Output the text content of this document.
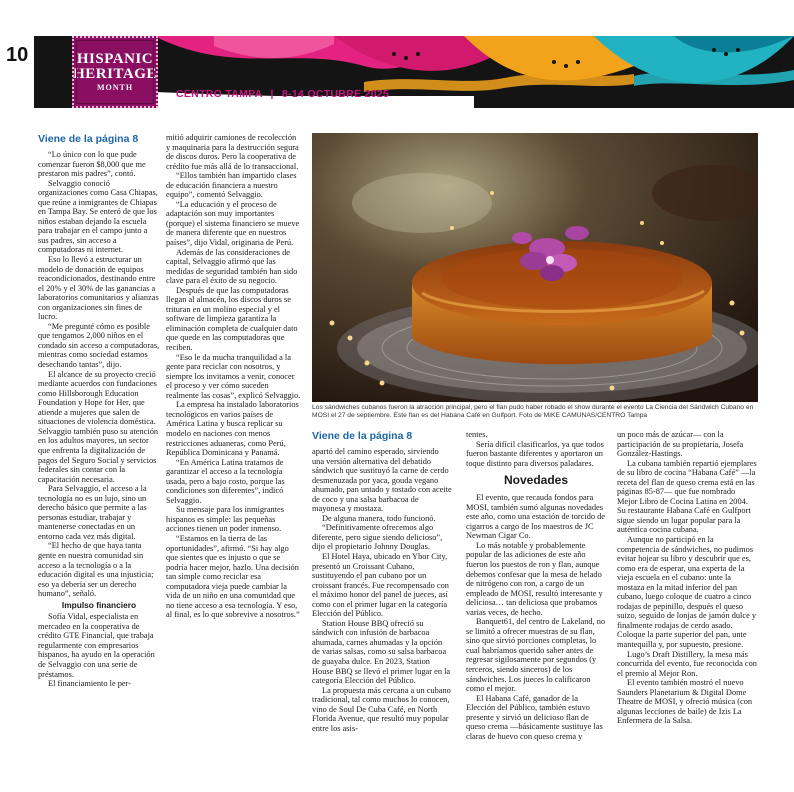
10	HISPANIC
HERITAGE
MONTH
CENTRO TAMPA | 8-14 OCTUBRE 2025
Viene de la página 8

“Lo único con lo que pude comenzar fueron $8,000 que me prestaron mis padres”, contó.

Selvaggio conoció organizaciones como Casa Chiapas, que reúne a inmigrantes de Chiapas en Tampa Bay. Se enteró de que los niños estaban dejando la escuela para trabajar en el campo junto a sus padres, sin acceso a computadoras ni internet.

Eso lo llevó a estructurar un modelo de donación de equipos reacondicionados, destinando entre el 20% y el 30% de las ganancias a laboratorios comunitarios y alianzas con organizaciones sin fines de lucro.

“Me pregunté cómo es posible que tengamos 2,000 niños en el condado sin acceso a computadoras, mientras como sociedad estamos desechando tantas”, dijo.

El alcance de su proyecto creció mediante acuerdos con fundaciones como Hillsborough Education Foundation y Hope for Her, que atiende a mujeres que salen de situaciones de violencia doméstica. Selvaggio también puso su atención en los adultos mayores, un sector que enfrenta la digitalización de pagos del Seguro Social y servicios federales sin contar con la capacitación necesaria.

Para Selvaggio, el acceso a la tecnología no es un lujo, sino un derecho básico que permite a las personas estudiar, trabajar y mantenerse conectadas en un entorno cada vez más digital.

“El hecho de que haya tanta gente en nuestra comunidad sin acceso a la tecnología o a la educación digital es una injusticia; eso ya debería ser un derecho humano”, señaló.

Impulso financiero

Sofía Vidal, especialista en mercadeo en la cooperativa de crédito GTE Financial, que trabaja regularmente con empresarios hispanos, ha ayudo en la operación de Selvaggio con una serie de préstamos.

El financiamiento le per-

mitió adquirir camiones de recolección y maquinaria para la destrucción segura de discos duros. Pero la cooperativa de crédito fue más allá de lo transaccional.

“Ellos también han impartido clases de educación financiera a nuestro equipo”, comentó Selvaggio.

“La educación y el proceso de adaptación son muy importantes (porque) el sistema financiero se mueve de manera diferente que en nuestros países”, dijo Vidal, originaria de Perú.

Además de las consideraciones de capital, Selvaggio afirmó que las medidas de seguridad también han sido clave para el éxito de su negocio.

Después de que las computadoras llegan al almacén, los discos duros se trituran en un molino especial y el software de limpieza garantiza la eliminación completa de cualquier dato que quede en las computadoras que reciben.

“Eso le da mucha tranquilidad a la gente para reciclar con nosotros, y siempre los invitamos a venir, conocer el proceso y ver cómo suceden realmente las cosas”, explicó Selvaggio.

La empresa ha instalado laboratorios tecnológicos en varios países de América Latina y busca replicar su modelo en naciones con menos restricciones aduaneras, como Perú, República Dominicana y Panamá.

“En América Latina tratamos de garantizar el acceso a la tecnología usada, pero a bajo costo, porque las condiciones son diferentes”, indicó Selvaggio.

Su mensaje para los inmigrantes hispanos es simple: las pequeñas acciones tienen un poder inmenso.

“Estamos en la tierra de las oportunidades”, afirmó. “Si hay algo que sientes que es injusto o que se podría hacer mejor, hazlo. Una decisión tan simple como reciclar esa computadora vieja puede cambiar la vida de un niño en una comunidad que no tiene acceso a esa tecnología. Y eso, al final, es lo que sobrevive a nosotros.”

Los sándwiches cubanos fueron la atracción principal, pero el flan pudo haber robado el show durante el evento La Ciencia del Sándwich Cubano en MOSI el 27 de septiembre. Este flan es del Habana Café en Gulfport. Foto de MIKE CAMUNAS/CENTRO Tampa
Viene de la página 8

apartó del camino esperado, sirviendo una versión alternativa del debatido sándwich que sustituyó la carne de cerdo desmenuzada por yaca, gouda vegano ahumado, pan untado y tostado con aceite de coco y una salsa barbacoa de mayonesa y mostaza.

De alguna manera, todo funcionó.

“Definitivamente ofrecemos algo diferente, pero sigue siendo delicioso”, dijo el propietario Johnny Douglas.

El Hotel Haya, ubicado en Ybor City, presentó un Croissant Cubano, sustituyendo el pan cubano por un croissant francés. Fue recompensado con el máximo honor del panel de jueces, así como con el primer lugar en la categoría Elección del Público.

Station House BBQ ofreció su sándwich con infusión de barbacoa ahumada, carnes ahumadas y la opción de varias salsas, como su salsa barbacoa de guayaba dulce. En 2023, Station House BBQ se llevó el primer lugar en la categoría Elección del Público.

La propuesta más cercana a un cubano tradicional, tal como muchos lo conocen, vino de Soul De Cuba Café, en North Florida Avenue, que resultó muy popular entre los asis-

tentes.

Sería difícil clasificarlos, ya que todos fueron bastante diferentes y aportaron un toque distinto para diversos paladares.

Novedades

El evento, que recauda fondos para MOSI, también sumó algunas novedades este año, como una estación de torcido de cigarros a cargo de los maestros de JC Newman Cigar Co.

Lo más notable y probablemente popular de las adiciones de este año fueron los puestos de ron y flan, aunque debemos confesar que la mesa de helado de nitrógeno con ron, a cargo de un empleado de MOSI, resultó interesante y deliciosa… tan deliciosa que probamos varias veces, de hecho.

Banquet61, del centro de Lakeland, no se limitó a ofrecer muestras de su flan, sino que sirvió porciones completas, lo cual habríamos querido saber antes de regresar sigilosamente por segundos (y terceros, siendo sinceros) de los sándwiches. Los jueces lo calificaron como el mejor.

El Habana Café, ganador de la Elección del Público, también estuvo presente y sirvió un delicioso flan de queso crema —básicamente sustituye las claras de huevo con queso crema y

un poco más de azúcar— con la participación de su propietaria, Josefa González-Hastings.

La cubana también repartió ejemplares de su libro de cocina “Habana Café” —la receta del flan de queso crema está en las páginas 85-87— que fue nombrado Mejor Libro de Cocina Latina en 2004. Su restaurante Habana Café en Gulfport sigue siendo un lugar popular para la auténtica cocina cubana.

Aunque no participó en la competencia de sándwiches, no pudimos evitar hojear su libro y descubrir que es, como era de esperar, una experta de la vieja escuela en el cubano: unte la mostaza en la mitad inferior del pan cubano, luego coloque de cuatro a cinco rodajas de pepinillo, después el queso suizo, seguido de lonjas de jamón dulce y finalmente rodajas de cerdo asado. Coloque la parte superior del pan, unte mantequilla y, por supuesto, presione.

Lugo’s Draft Distillery, la mesa más concurrida del evento, fue reconocida con el premio al Mejor Ron.

El evento también mostró el nuevo Saunders Planetarium & Digital Dome Theatre de MOSI, y ofreció música (con algunas lecciones de baile) de Izis La Enfermera de la Salsa.
